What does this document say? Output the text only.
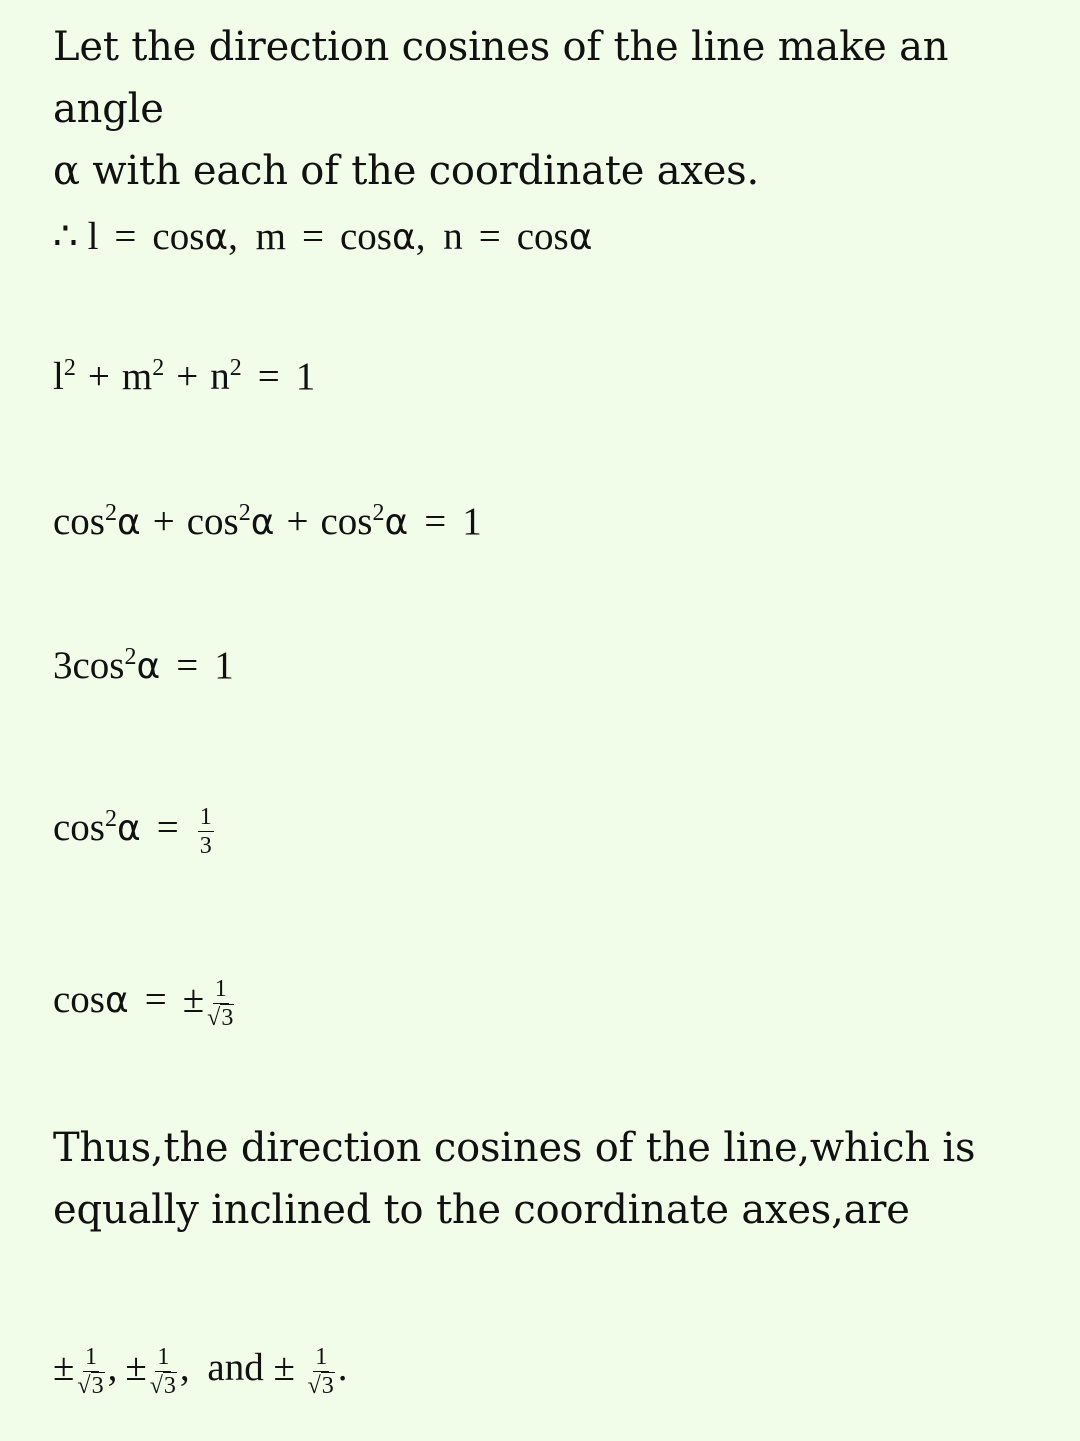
Let the direction cosines of the line make an angle
α with each of the coordinate axes.

∴ l = cosα, m = cosα, n = cosα
$l^2 + m^2 + n^2 = 1$
$\cos^2\alpha + \cos^2\alpha + \cos^2\alpha = 1$
$3\cos^2\alpha = 1$
$\cos^2\alpha = \frac{1}{3}$
cosα = ± $\frac{1}{√3}$

Thus,the direction cosines of the line,which is
equally inclined to the coordinate axes,are

± $\frac{1}{√3}$ , ± $\frac{1}{√3}$ , and ± $\frac{1}{√3}$ .
